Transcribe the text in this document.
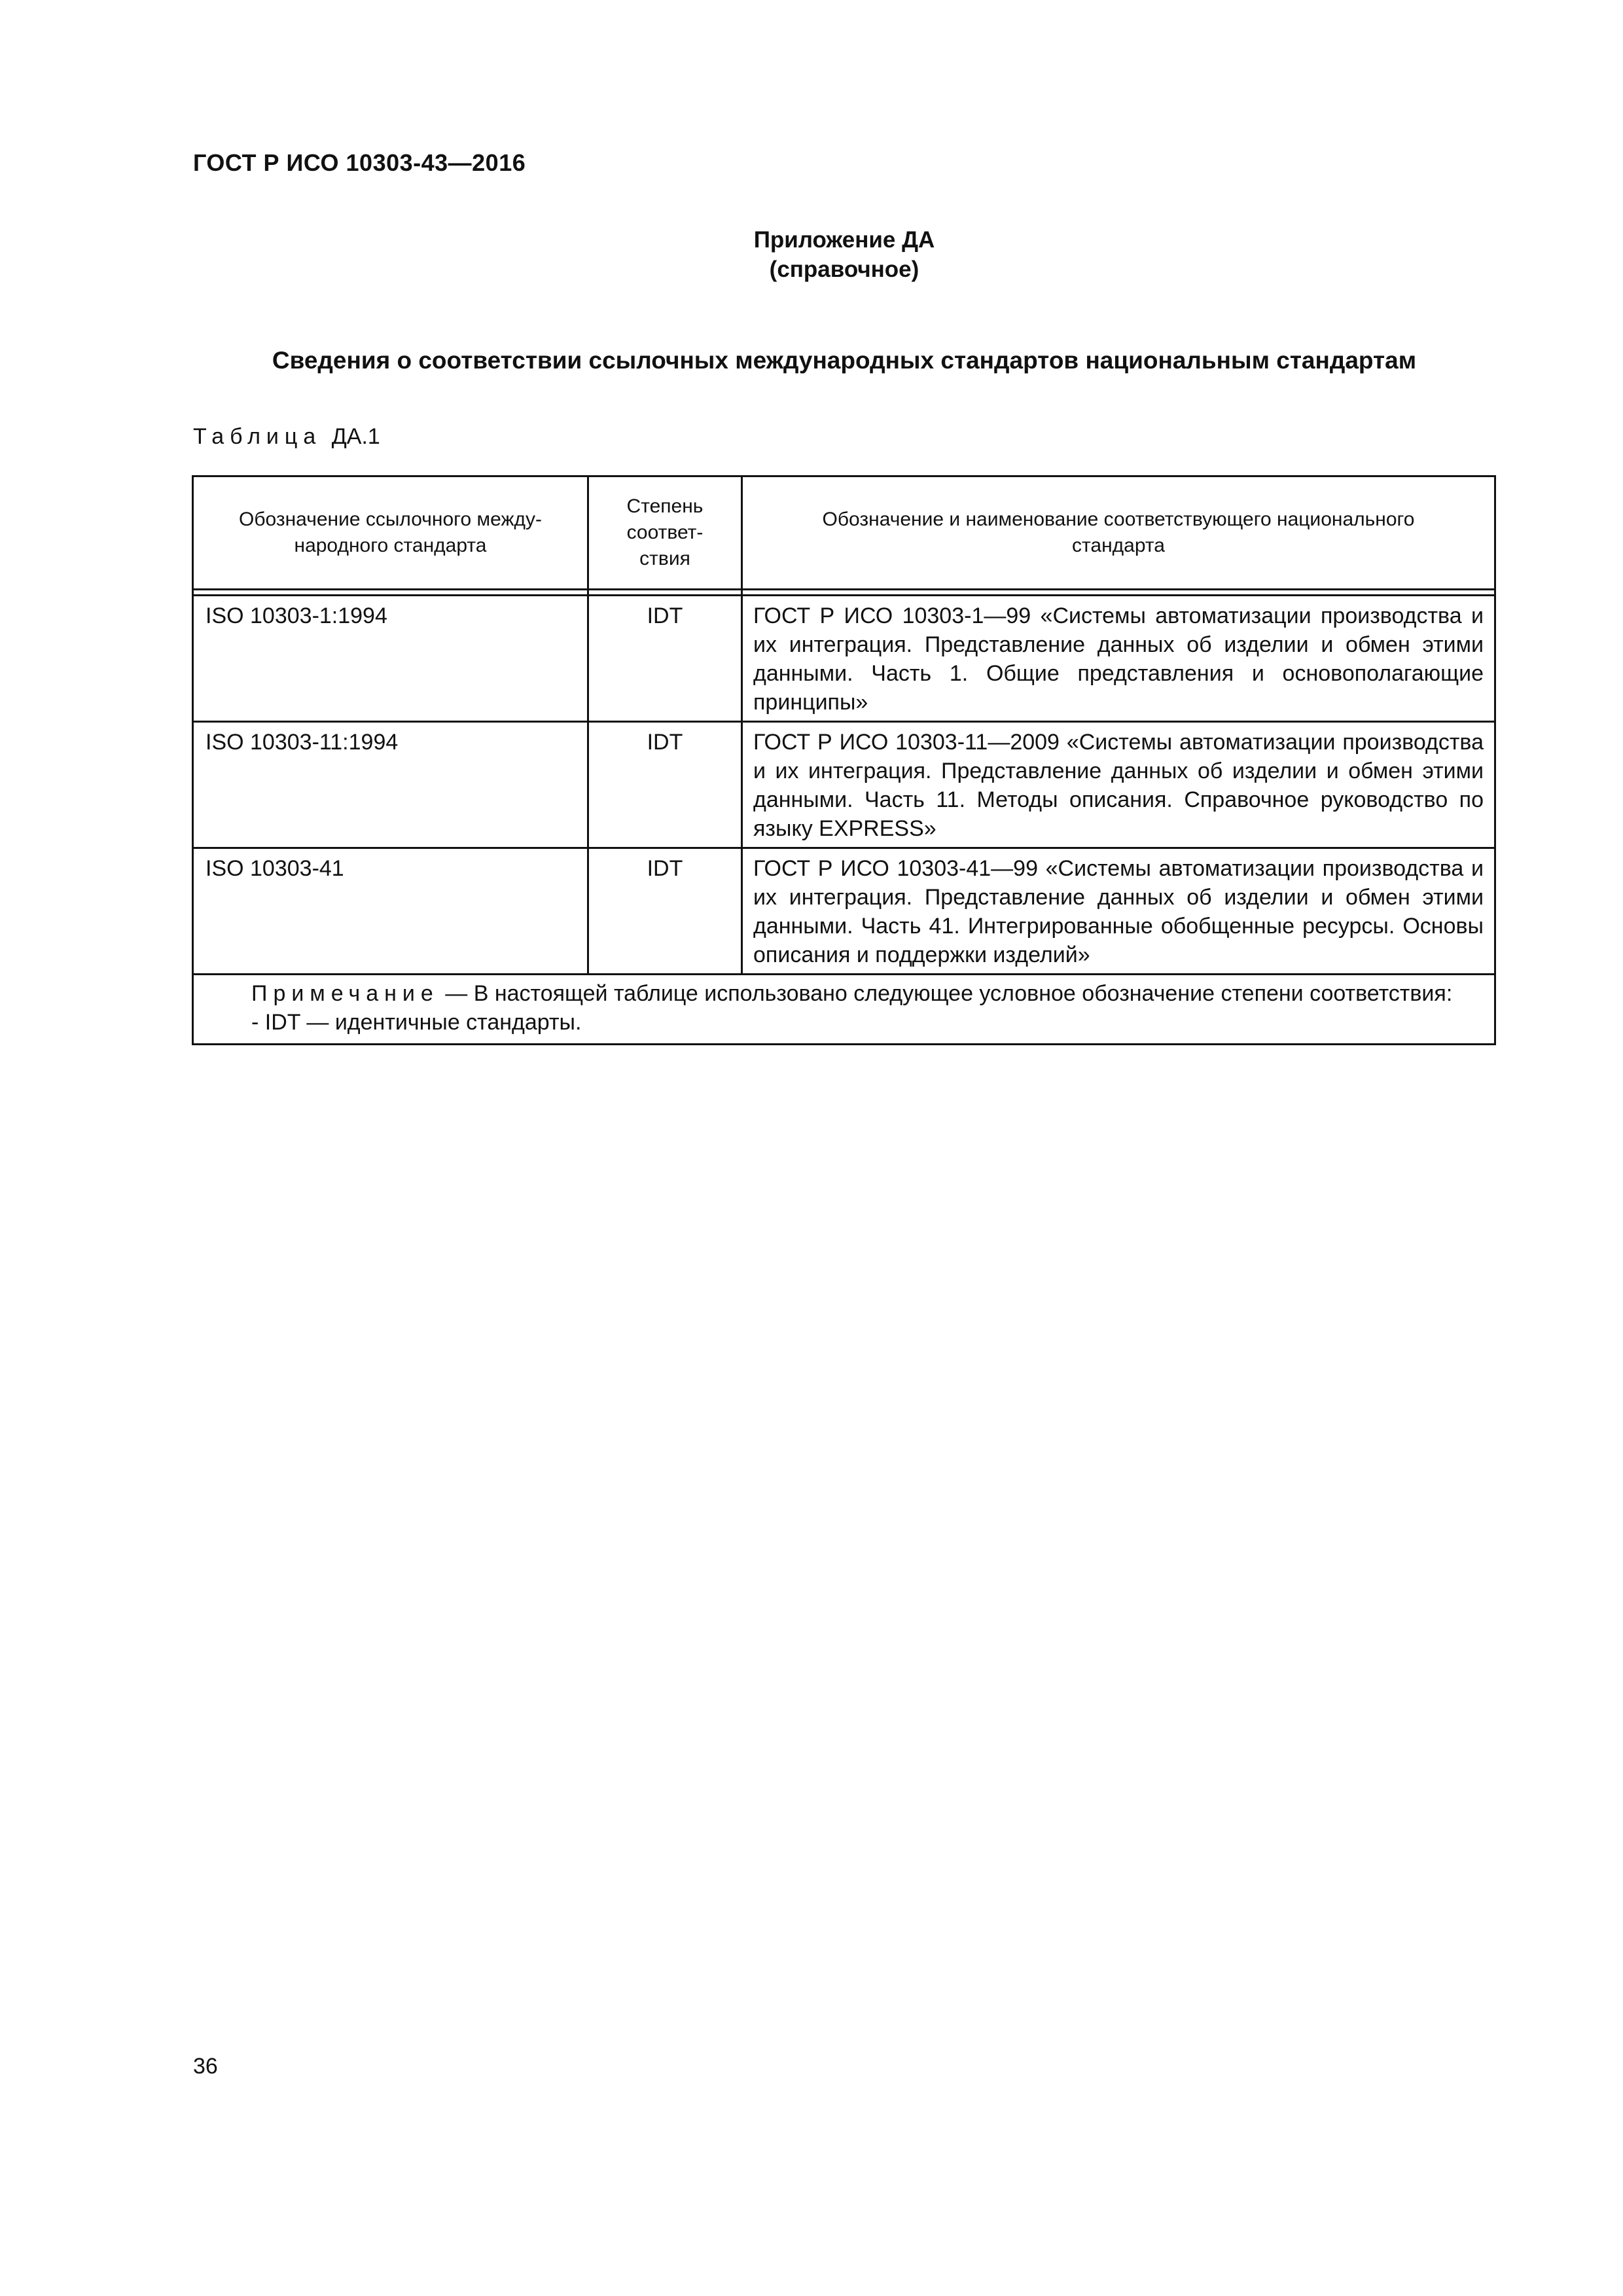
ГОСТ Р ИСО 10303-43—2016
Приложение ДА
(справочное)
Сведения о соответствии ссылочных международных стандартов национальным стандартам
Таблица ДА.1
Обозначение ссылочного между-народного стандарта	Степень соответ-ствия	Обозначение и наименование соответствующего национального стандарта

ISO 10303-1:1994	IDT	ГОСТ Р ИСО 10303-1—99 «Системы автоматизации производства и их интеграция. Представление данных об изделии и обмен этими данными. Часть 1. Общие представления и основополагающие принципы»
ISO 10303-11:1994	IDT	ГОСТ Р ИСО 10303-11—2009 «Системы автоматизации производства и их интеграция. Представление данных об изделии и обмен этими данными. Часть 11. Методы описания. Справочное руководство по языку EXPRESS»
ISO 10303-41	IDT	ГОСТ Р ИСО 10303-41—99 «Системы автоматизации производства и их интеграция. Представление данных об изделии и обмен этими данными. Часть 41. Интегрированные обобщенные ресурсы. Основы описания и поддержки изделий»
Примечание — В настоящей таблице использовано следующее условное обозначение степени соответствия:
- IDT — идентичные стандарты.		
36
